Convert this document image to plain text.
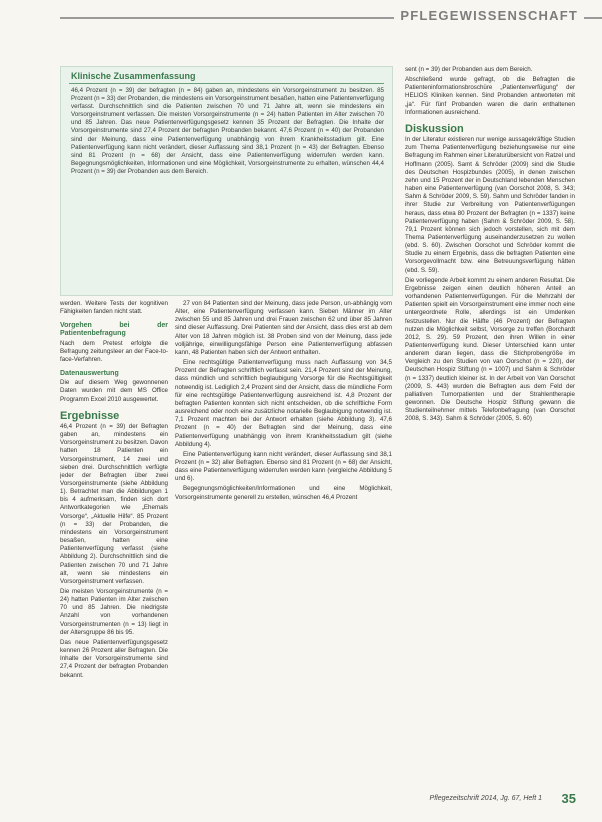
PFLEGEWISSENSCHAFT
Klinische Zusammenfassung
46,4 Prozent (n = 39) der befragten (n = 84) gaben an, mindestens ein Vorsorgeinstrument zu besitzen. 85 Prozent (n = 33) der Probanden, die mindestens ein Vorsorgeinstrument besaßen, hatten eine Patientenverfügung verfasst. Durchschnittlich sind die Patienten zwischen 70 und 71 Jahre alt, wenn sie mindestens ein Vorsorgeinstrument verfassen. Die meisten Vorsorgeinstrumente (n = 24) hatten Patienten im Alter zwischen 70 und 85 Jahren. Das neue Patientenverfügungsgesetz kennen 35 Prozent der Befragten. Die Inhalte der Vorsorgeinstrumente sind 27,4 Prozent der befragten Probanden bekannt. 47,6 Prozent (n = 40) der Probanden sind der Meinung, dass eine Patientenverfügung unabhängig von ihrem Krankheitsstadium gilt. Eine Patientenverfügung kann nicht verändert, dieser Auffassung sind 38,1 Prozent (n = 43) der Befragten. Ebenso sind 81 Prozent (n = 68) der Ansicht, dass eine Patientenverfügung widerrufen werden kann. Begegnungsmöglichkeiten, Informationen und eine Möglichkeit, Vorsorgeinstrumente zu erhalten, wünschen 44,4 Prozent (n = 39) der Probanden aus dem Bereich.

werden. Weitere Tests der kognitiven Fähigkeiten fanden nicht statt.

Vorgehen bei der Patientenbefragung

Nach dem Pretest erfolgte die Befragung zeitungsleer an der Face-to-face-Verfahren.

Datenauswertung

Die auf diesem Weg gewonnenen Daten wurden mit dem MS Office Programm Excel 2010 ausgewertet.

Ergebnisse

46,4 Prozent (n = 39) der Befragten gaben an, mindestens ein Vorsorgeinstrument zu besitzen. Davon hatten 18 Patienten ein Vorsorgeinstrument, 14 zwei und sieben drei. Durchschnittlich verfügte jeder der Befragten über zwei Vorsorgeinstrumente (siehe Abbildung 1). Betrachtet man die Abbildungen 1 bis 4 aufmerksam, finden sich dort Antwortkategorien wie „Ehemals Vorsorge“, „Aktuelle Hilfe“. 85 Prozent (n = 33) der Probanden, die mindestens ein Vorsorgeinstrument besaßen, hatten eine Patientenverfügung verfasst (siehe Abbildung 2). Durchschnittlich sind die Patienten zwischen 70 und 71 Jahre alt, wenn sie mindestens ein Vorsorgeinstrument verfassen.

Die meisten Vorsorgeinstrumente (n = 24) hatten Patienten im Alter zwischen 70 und 85 Jahren. Die niedrigste Anzahl von vorhandenen Vorsorgeinstrumenten (n = 13) liegt in der Altersgruppe 86 bis 95.

Das neue Patientenverfügungsgesetz kennen 26 Prozent aller Befragten. Die Inhalte der Vorsorgeinstrumente sind 27,4 Prozent der befragten Probanden bekannt.

27 von 84 Patienten sind der Meinung, dass jede Person, un-abhängig vom Alter, eine Patientenverfügung verfassen kann. Sieben Männer im Alter zwischen 55 und 85 Jahren und drei Frauen zwischen 62 und über 85 Jahren sind dieser Auffassung. Drei Patienten sind der Ansicht, dass dies erst ab dem Alter von 18 Jahren möglich ist. 38 Proben sind von der Meinung, dass jede volljährige, einwilligungsfähige Person eine Patientenverfügung abfassen kann, 48 Patienten haben sich der Antwort enthalten.

Eine rechtsgültige Patientenverfügung muss nach Auffassung von 34,5 Prozent der Befragten schriftlich verfasst sein. 21,4 Prozent sind der Meinung, dass mündlich und schriftlich beglaubigung Vorsorge für die Rechtsgültigkeit notwendig ist. Lediglich 2,4 Prozent sind der Ansicht, dass die mündliche Form für eine rechtsgültige Patientenverfügung ausreichend ist. 4,8 Prozent der befragten Patienten konnten sich nicht entscheiden, ob die schriftliche Form ausreichend oder noch eine zusätzliche notarielle Beglaubigung notwendig ist. 7,1 Prozent machten bei der Antwort erhalten (siehe Abbildung 3). 47,6 Prozent (n = 40) der Befragten sind der Meinung, dass eine Patientenverfügung unabhängig von ihrem Krankheitsstadium gilt (siehe Abbildung 4).

Eine Patientenverfügung kann nicht verändert, dieser Auffassung sind 38,1 Prozent (n = 32) aller Befragten. Ebenso sind 81 Prozent (n = 68) der Ansicht, dass eine Patientenverfügung widerrufen werden kann (vergleiche Abbildung 5 und 6).

Begegnungsmöglichkeiten/Informationen und eine Möglichkeit, Vorsorgeinstrumente generell zu erstellen, wünschen 46,4 Prozent

sent (n = 39) der Probanden aus dem Bereich.

Abschließend wurde gefragt, ob die Befragten die Patienteninformationsbroschüre „Patientenverfügung“ der HELIOS Kliniken kennen. Sind Probanden antworteten mit „ja“. Für fünf Probanden waren die darin enthaltenen Informationen ausreichend.

Diskussion

In der Literatur existieren nur wenige aussagekräftige Studien zum Thema Patientenverfügung beziehungsweise nur eine Befragung im Rahmen einer Literaturübersicht von Ratzel und Hoffmann (2005). Samt & Schröder (2009) sind die Studie des Deutschen Hospizbundes (2005), in denen zwischen zehn und 15 Prozent der in Deutschland lebenden Menschen haben eine Patientenverfügung (van Oorschot 2008, S. 343; Sahm & Schröder 2009, S. 59). Sahm und Schröder fanden in ihrer Studie zur Verbreitung von Patientenverfügungen heraus, dass etwa 80 Prozent der Befragten (n = 1337) keine Patientenverfügung haben (Sahm & Schröder 2009, S. 58). 79,1 Prozent können sich jedoch vorstellen, sich mit dem Thema Patientenverfügung auseinanderzusetzen zu wollen (ebd. S. 60). Zwischen Oorschot und Schröder kommt die Studie zu einem Ergebnis, dass die befragten Patienten eine Vorsorgevollmacht bzw. eine Betreuungsverfügung hätten (ebd. S. 59).

Die vorliegende Arbeit kommt zu einem anderen Resultat. Die Ergebnisse zeigen einen deutlich höheren Anteil an vorhandenen Patientenverfügungen. Für die Mehrzahl der Patienten spielt ein Vorsorgeinstrument eine immer noch eine untergeordnete Rolle, allerdings ist ein Umdenken festzustellen. Nur die Hälfte (46 Prozent) der Befragten nutzen die Möglichkeit selbst, Vorsorge zu treffen (Borchardt 2012, S. 29). 59 Prozent, den ihren Willen in einer Patientenverfügung kund. Dieser Unterschied kann unter anderem daran liegen, dass die Stichprobengröße im Vergleich zu den Studien von van Oorschot (n = 220), der Deutschen Hospiz Stiftung (n = 1007) und Sahm & Schröder (n = 1337) deutlich kleiner ist. In der Arbeit von Van Oorschot (2009, S. 443) wurden die Befragten aus dem Feld der palliativen Tumorpatienten und der Strahlentherapie gewonnen. Die Deutsche Hospiz Stiftung gewann die Studienteilnehmer mittels Telefonbefragung (van Oorschot 2008, S. 343). Sahm & Schröder (2005, S. 60)

Pflegezeitschrift 2014, Jg. 67, Heft 1 35
